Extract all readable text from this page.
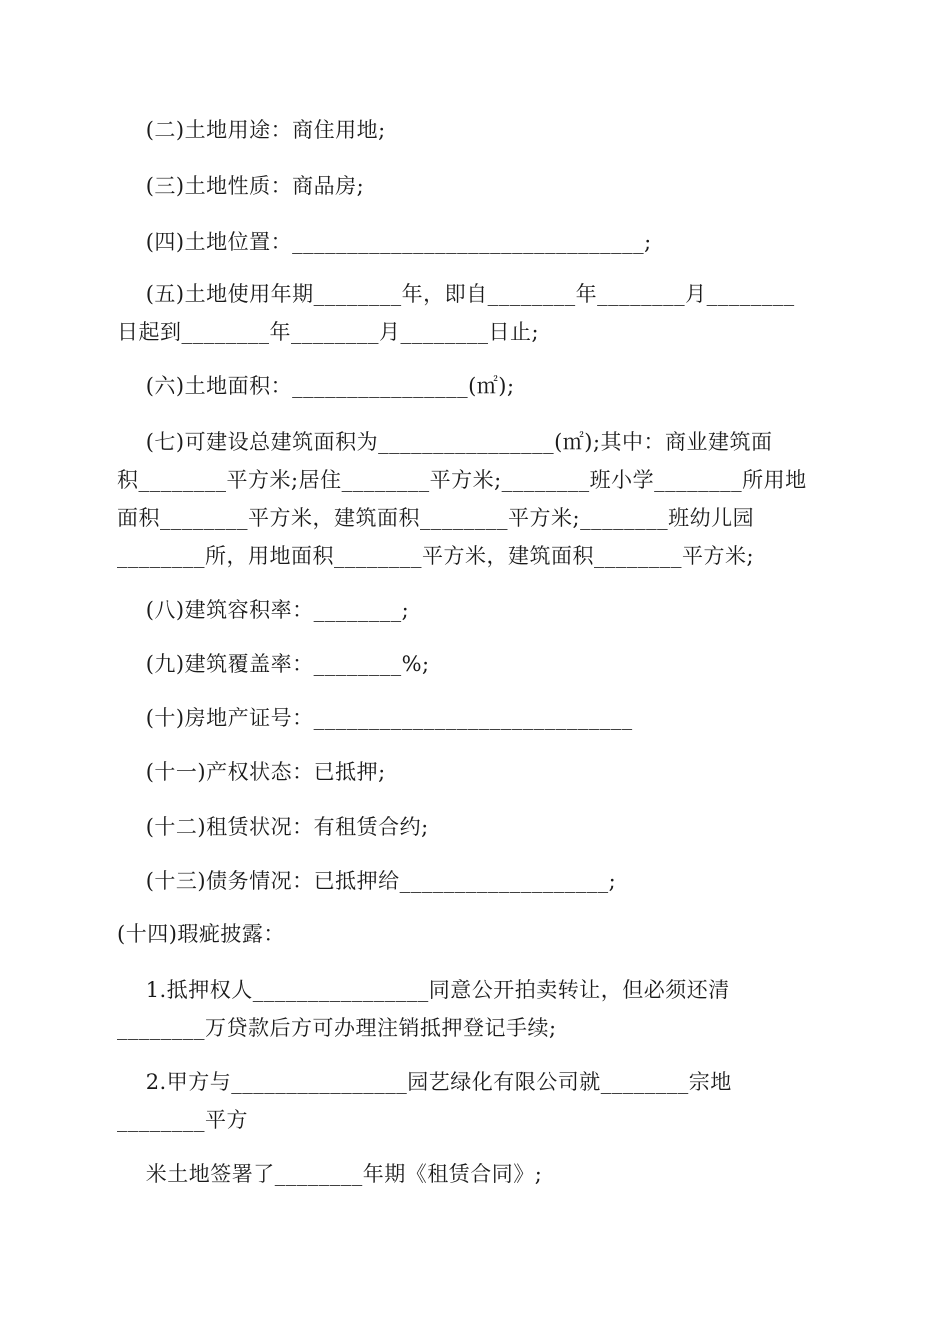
(二)土地用途：商住用地;
(三)土地性质：商品房;
(四)土地位置：________________________________;
(五)土地使用年期________年，即自________年________月________
日起到________年________月________日止;
(六)土地面积：________________(㎡);
(七)可建设总建筑面积为________________(㎡);其中：商业建筑面
积________平方米;居住________平方米;________班小学________所用地
面积________平方米，建筑面积________平方米;________班幼儿园
________所，用地面积________平方米，建筑面积________平方米;
(八)建筑容积率：________;
(九)建筑覆盖率：________%;
(十)房地产证号：_____________________________
(十一)产权状态：已抵押;
(十二)租赁状况：有租赁合约;
(十三)债务情况：已抵押给___________________;
(十四)瑕疵披露：
1.抵押权人________________同意公开拍卖转让，但必须还清
________万贷款后方可办理注销抵押登记手续;
2.甲方与________________园艺绿化有限公司就________宗地
________平方
米土地签署了________年期《租赁合同》;
